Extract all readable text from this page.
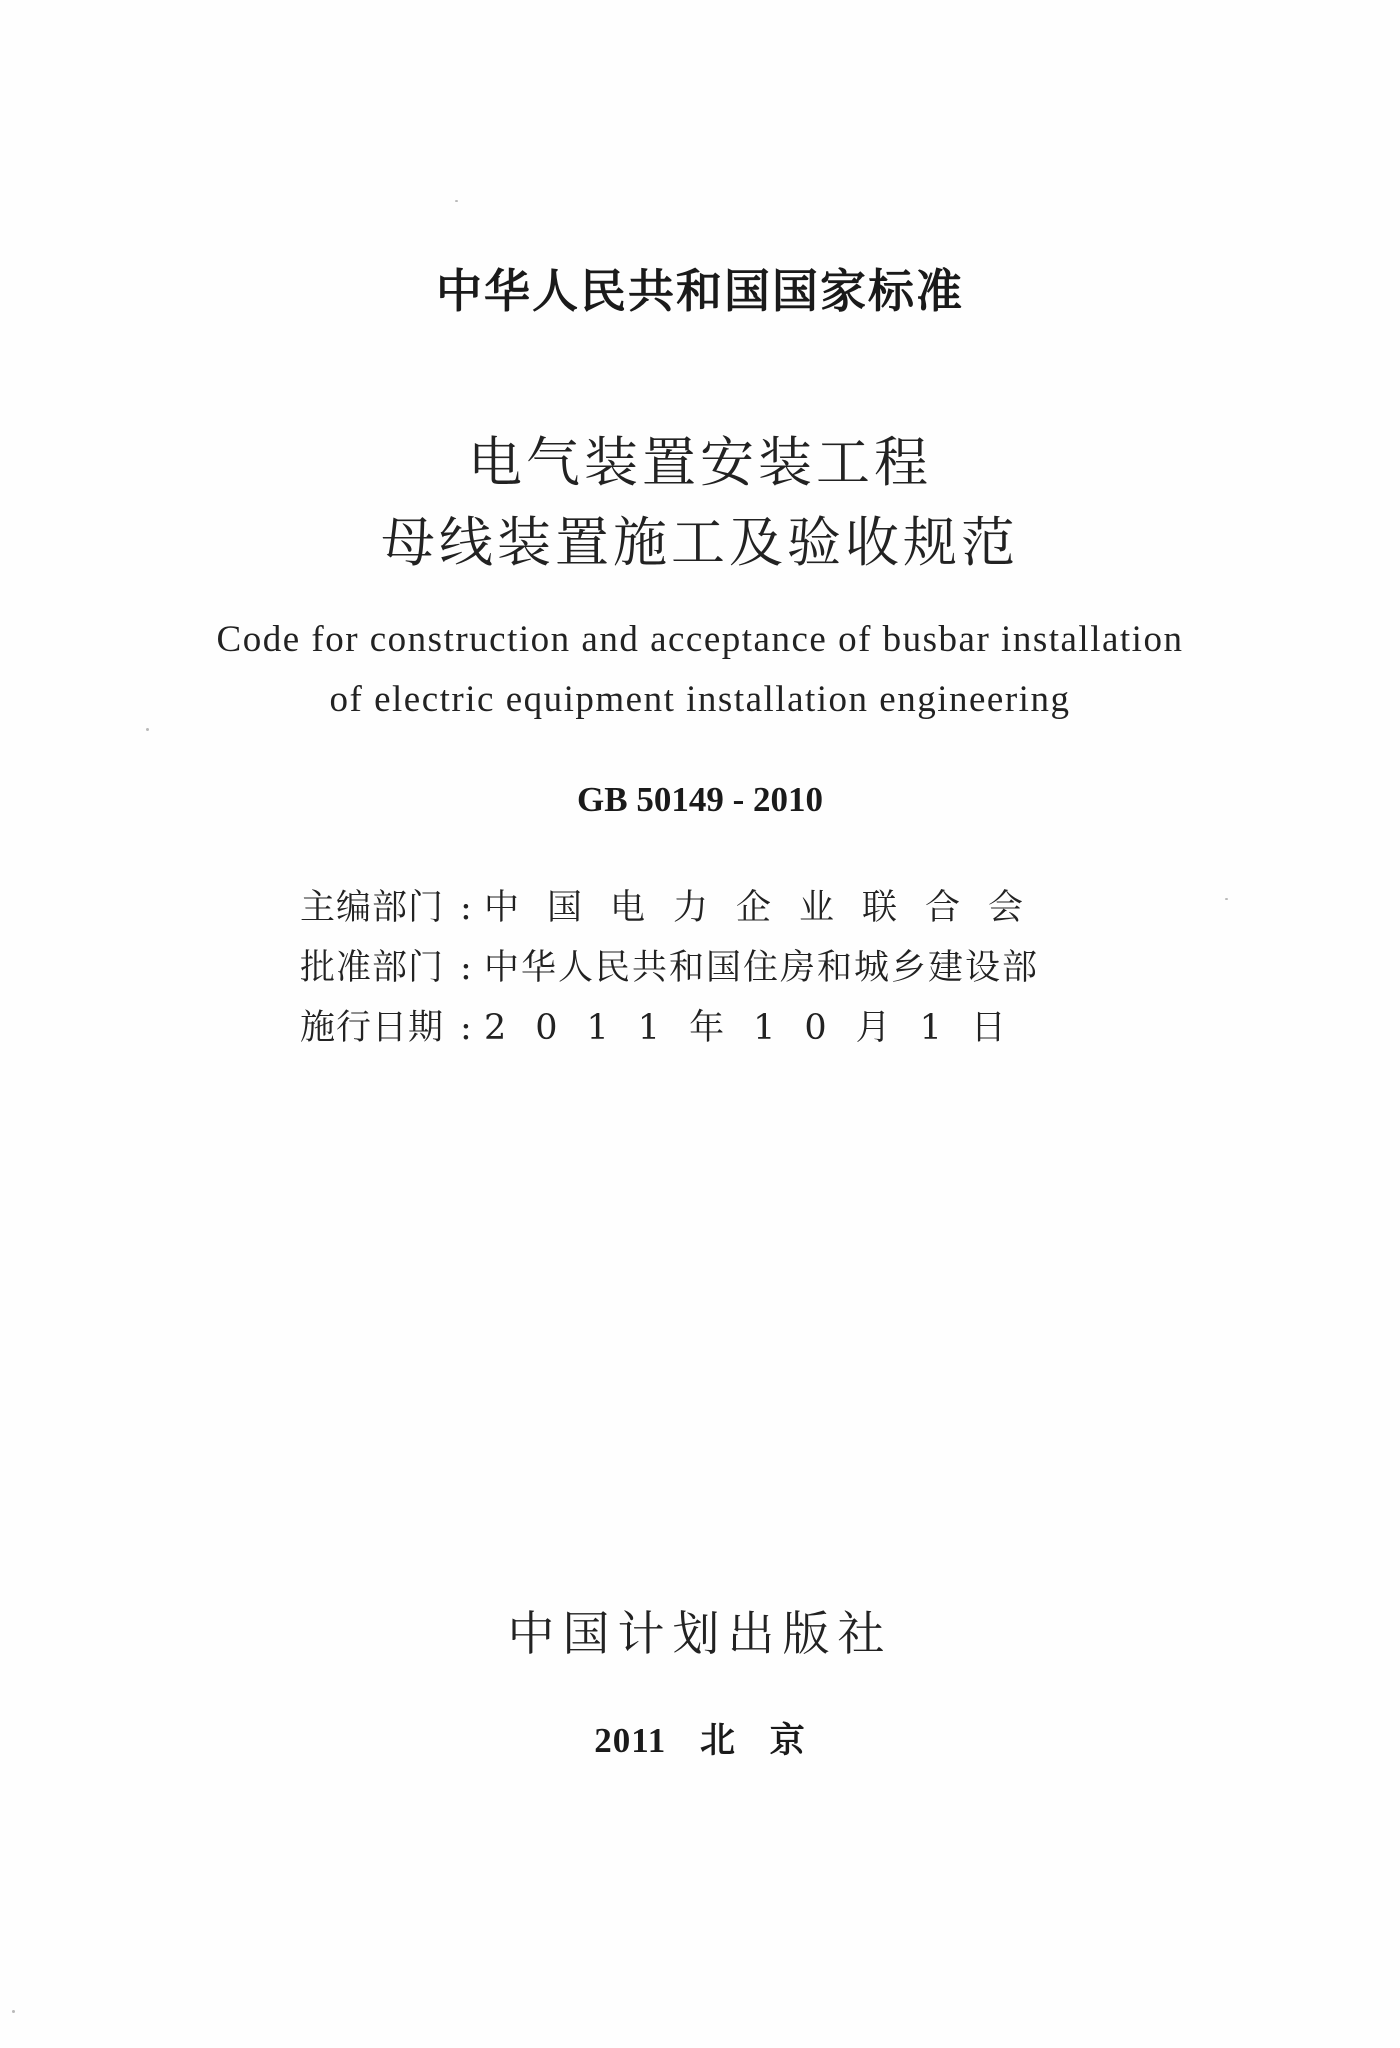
中华人民共和国国家标准
电气装置安装工程
母线装置施工及验收规范
Code for construction and acceptance of busbar installation
of electric equipment installation engineering
GB 50149 - 2010
主编部门 : 中国电力企业联合会
批准部门 : 中华人民共和国住房和城乡建设部
施行日期 : 2011年10月1日
中国计划出版社
2011 北 京
